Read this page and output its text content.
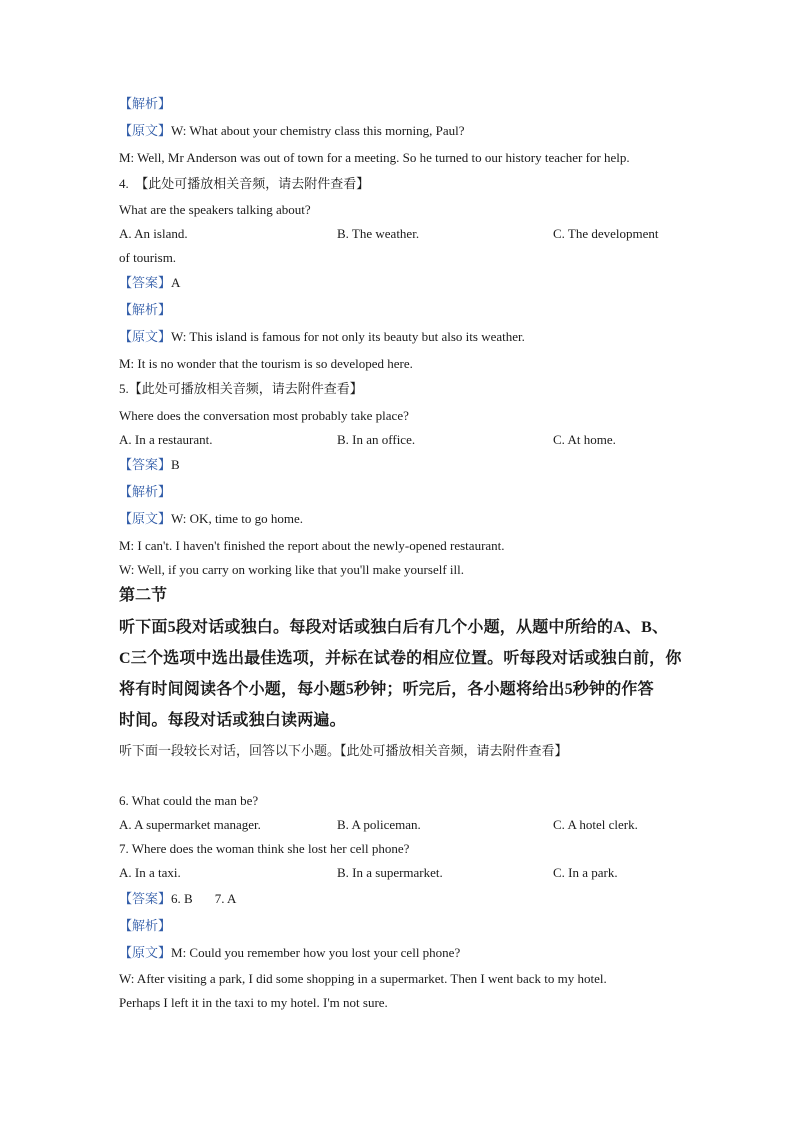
【解析】
【原文】W: What about your chemistry class this morning, Paul?
M: Well, Mr Anderson was out of town for a meeting. So he turned to our history teacher for help.
4. 【此处可播放相关音频，请去附件查看】
What are the speakers talking about?
A. An island.	B. The weather.	C. The development
of tourism.
【答案】A
【解析】
【原文】W: This island is famous for not only its beauty but also its weather.
M: It is no wonder that the tourism is so developed here.
5.【此处可播放相关音频，请去附件查看】
Where does the conversation most probably take place?
A. In a restaurant.	B. In an office.	C. At home.
【答案】B
【解析】
【原文】W: OK, time to go home.
M: I can't. I haven't finished the report about the newly-opened restaurant.
W: Well, if you carry on working like that you'll make yourself ill.
第二节
听下面5段对话或独白。每段对话或独白后有几个小题，从题中所给的A、B、
C三个选项中选出最佳选项，并标在试卷的相应位置。听每段对话或独白前，你
将有时间阅读各个小题，每小题5秒钟；听完后，各小题将给出5秒钟的作答
时间。每段对话或独白读两遍。
听下面一段较长对话，回答以下小题。【此处可播放相关音频，请去附件查看】
6. What could the man be?
A. A supermarket manager.	B. A policeman.	C. A hotel clerk.
7. Where does the woman think she lost her cell phone?
A. In a taxi.	B. In a supermarket.	C. In a park.
【答案】6. B 7. A
【解析】
【原文】M: Could you remember how you lost your cell phone?
W: After visiting a park, I did some shopping in a supermarket. Then I went back to my hotel.
Perhaps I left it in the taxi to my hotel. I'm not sure.
